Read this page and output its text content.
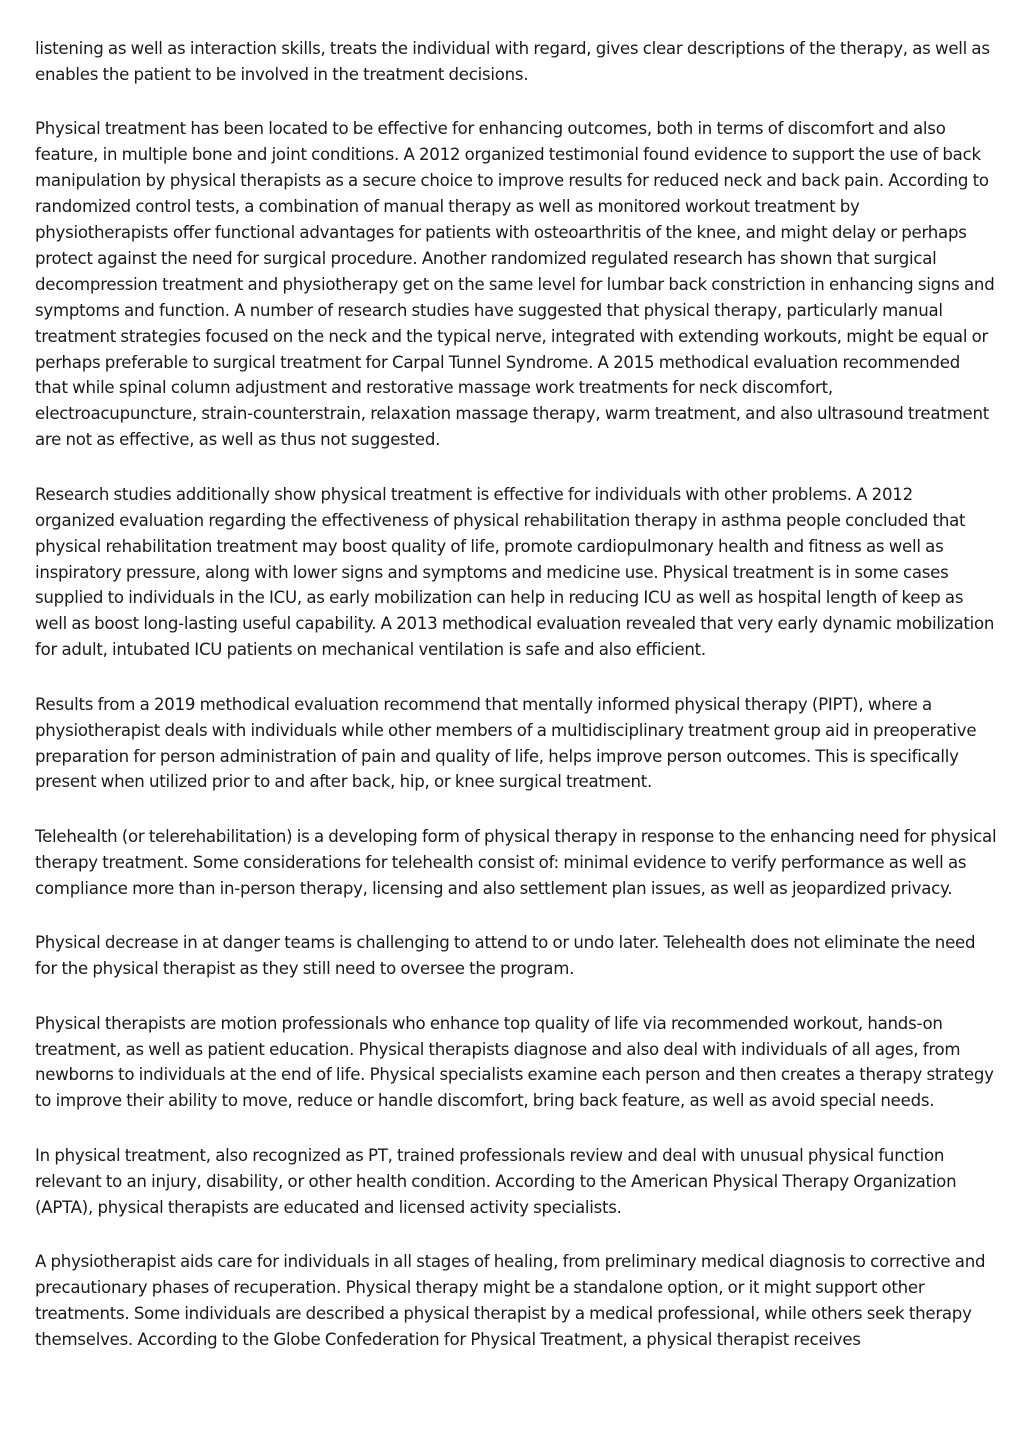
listening as well as interaction skills, treats the individual with regard, gives clear descriptions of the therapy, as well as enables the patient to be involved in the treatment decisions.

Physical treatment has been located to be effective for enhancing outcomes, both in terms of discomfort and also feature, in multiple bone and joint conditions. A 2012 organized testimonial found evidence to support the use of back manipulation by physical therapists as a secure choice to improve results for reduced neck and back pain. According to randomized control tests, a combination of manual therapy as well as monitored workout treatment by physiotherapists offer functional advantages for patients with osteoarthritis of the knee, and might delay or perhaps protect against the need for surgical procedure. Another randomized regulated research has shown that surgical decompression treatment and physiotherapy get on the same level for lumbar back constriction in enhancing signs and symptoms and function. A number of research studies have suggested that physical therapy, particularly manual treatment strategies focused on the neck and the typical nerve, integrated with extending workouts, might be equal or perhaps preferable to surgical treatment for Carpal Tunnel Syndrome. A 2015 methodical evaluation recommended that while spinal column adjustment and restorative massage work treatments for neck discomfort, electroacupuncture, strain-counterstrain, relaxation massage therapy, warm treatment, and also ultrasound treatment are not as effective, as well as thus not suggested.

Research studies additionally show physical treatment is effective for individuals with other problems. A 2012 organized evaluation regarding the effectiveness of physical rehabilitation therapy in asthma people concluded that physical rehabilitation treatment may boost quality of life, promote cardiopulmonary health and fitness as well as inspiratory pressure, along with lower signs and symptoms and medicine use. Physical treatment is in some cases supplied to individuals in the ICU, as early mobilization can help in reducing ICU as well as hospital length of keep as well as boost long-lasting useful capability. A 2013 methodical evaluation revealed that very early dynamic mobilization for adult, intubated ICU patients on mechanical ventilation is safe and also efficient.

Results from a 2019 methodical evaluation recommend that mentally informed physical therapy (PIPT), where a physiotherapist deals with individuals while other members of a multidisciplinary treatment group aid in preoperative preparation for person administration of pain and quality of life, helps improve person outcomes. This is specifically present when utilized prior to and after back, hip, or knee surgical treatment.

Telehealth (or telerehabilitation) is a developing form of physical therapy in response to the enhancing need for physical therapy treatment. Some considerations for telehealth consist of: minimal evidence to verify performance as well as compliance more than in-person therapy, licensing and also settlement plan issues, as well as jeopardized privacy.

Physical decrease in at danger teams is challenging to attend to or undo later. Telehealth does not eliminate the need for the physical therapist as they still need to oversee the program.

Physical therapists are motion professionals who enhance top quality of life via recommended workout, hands-on treatment, as well as patient education. Physical therapists diagnose and also deal with individuals of all ages, from newborns to individuals at the end of life. Physical specialists examine each person and then creates a therapy strategy to improve their ability to move, reduce or handle discomfort, bring back feature, as well as avoid special needs.

In physical treatment, also recognized as PT, trained professionals review and deal with unusual physical function relevant to an injury, disability, or other health condition. According to the American Physical Therapy Organization (APTA), physical therapists are educated and licensed activity specialists.

A physiotherapist aids care for individuals in all stages of healing, from preliminary medical diagnosis to corrective and precautionary phases of recuperation. Physical therapy might be a standalone option, or it might support other treatments. Some individuals are described a physical therapist by a medical professional, while others seek therapy themselves. According to the Globe Confederation for Physical Treatment, a physical therapist receives
